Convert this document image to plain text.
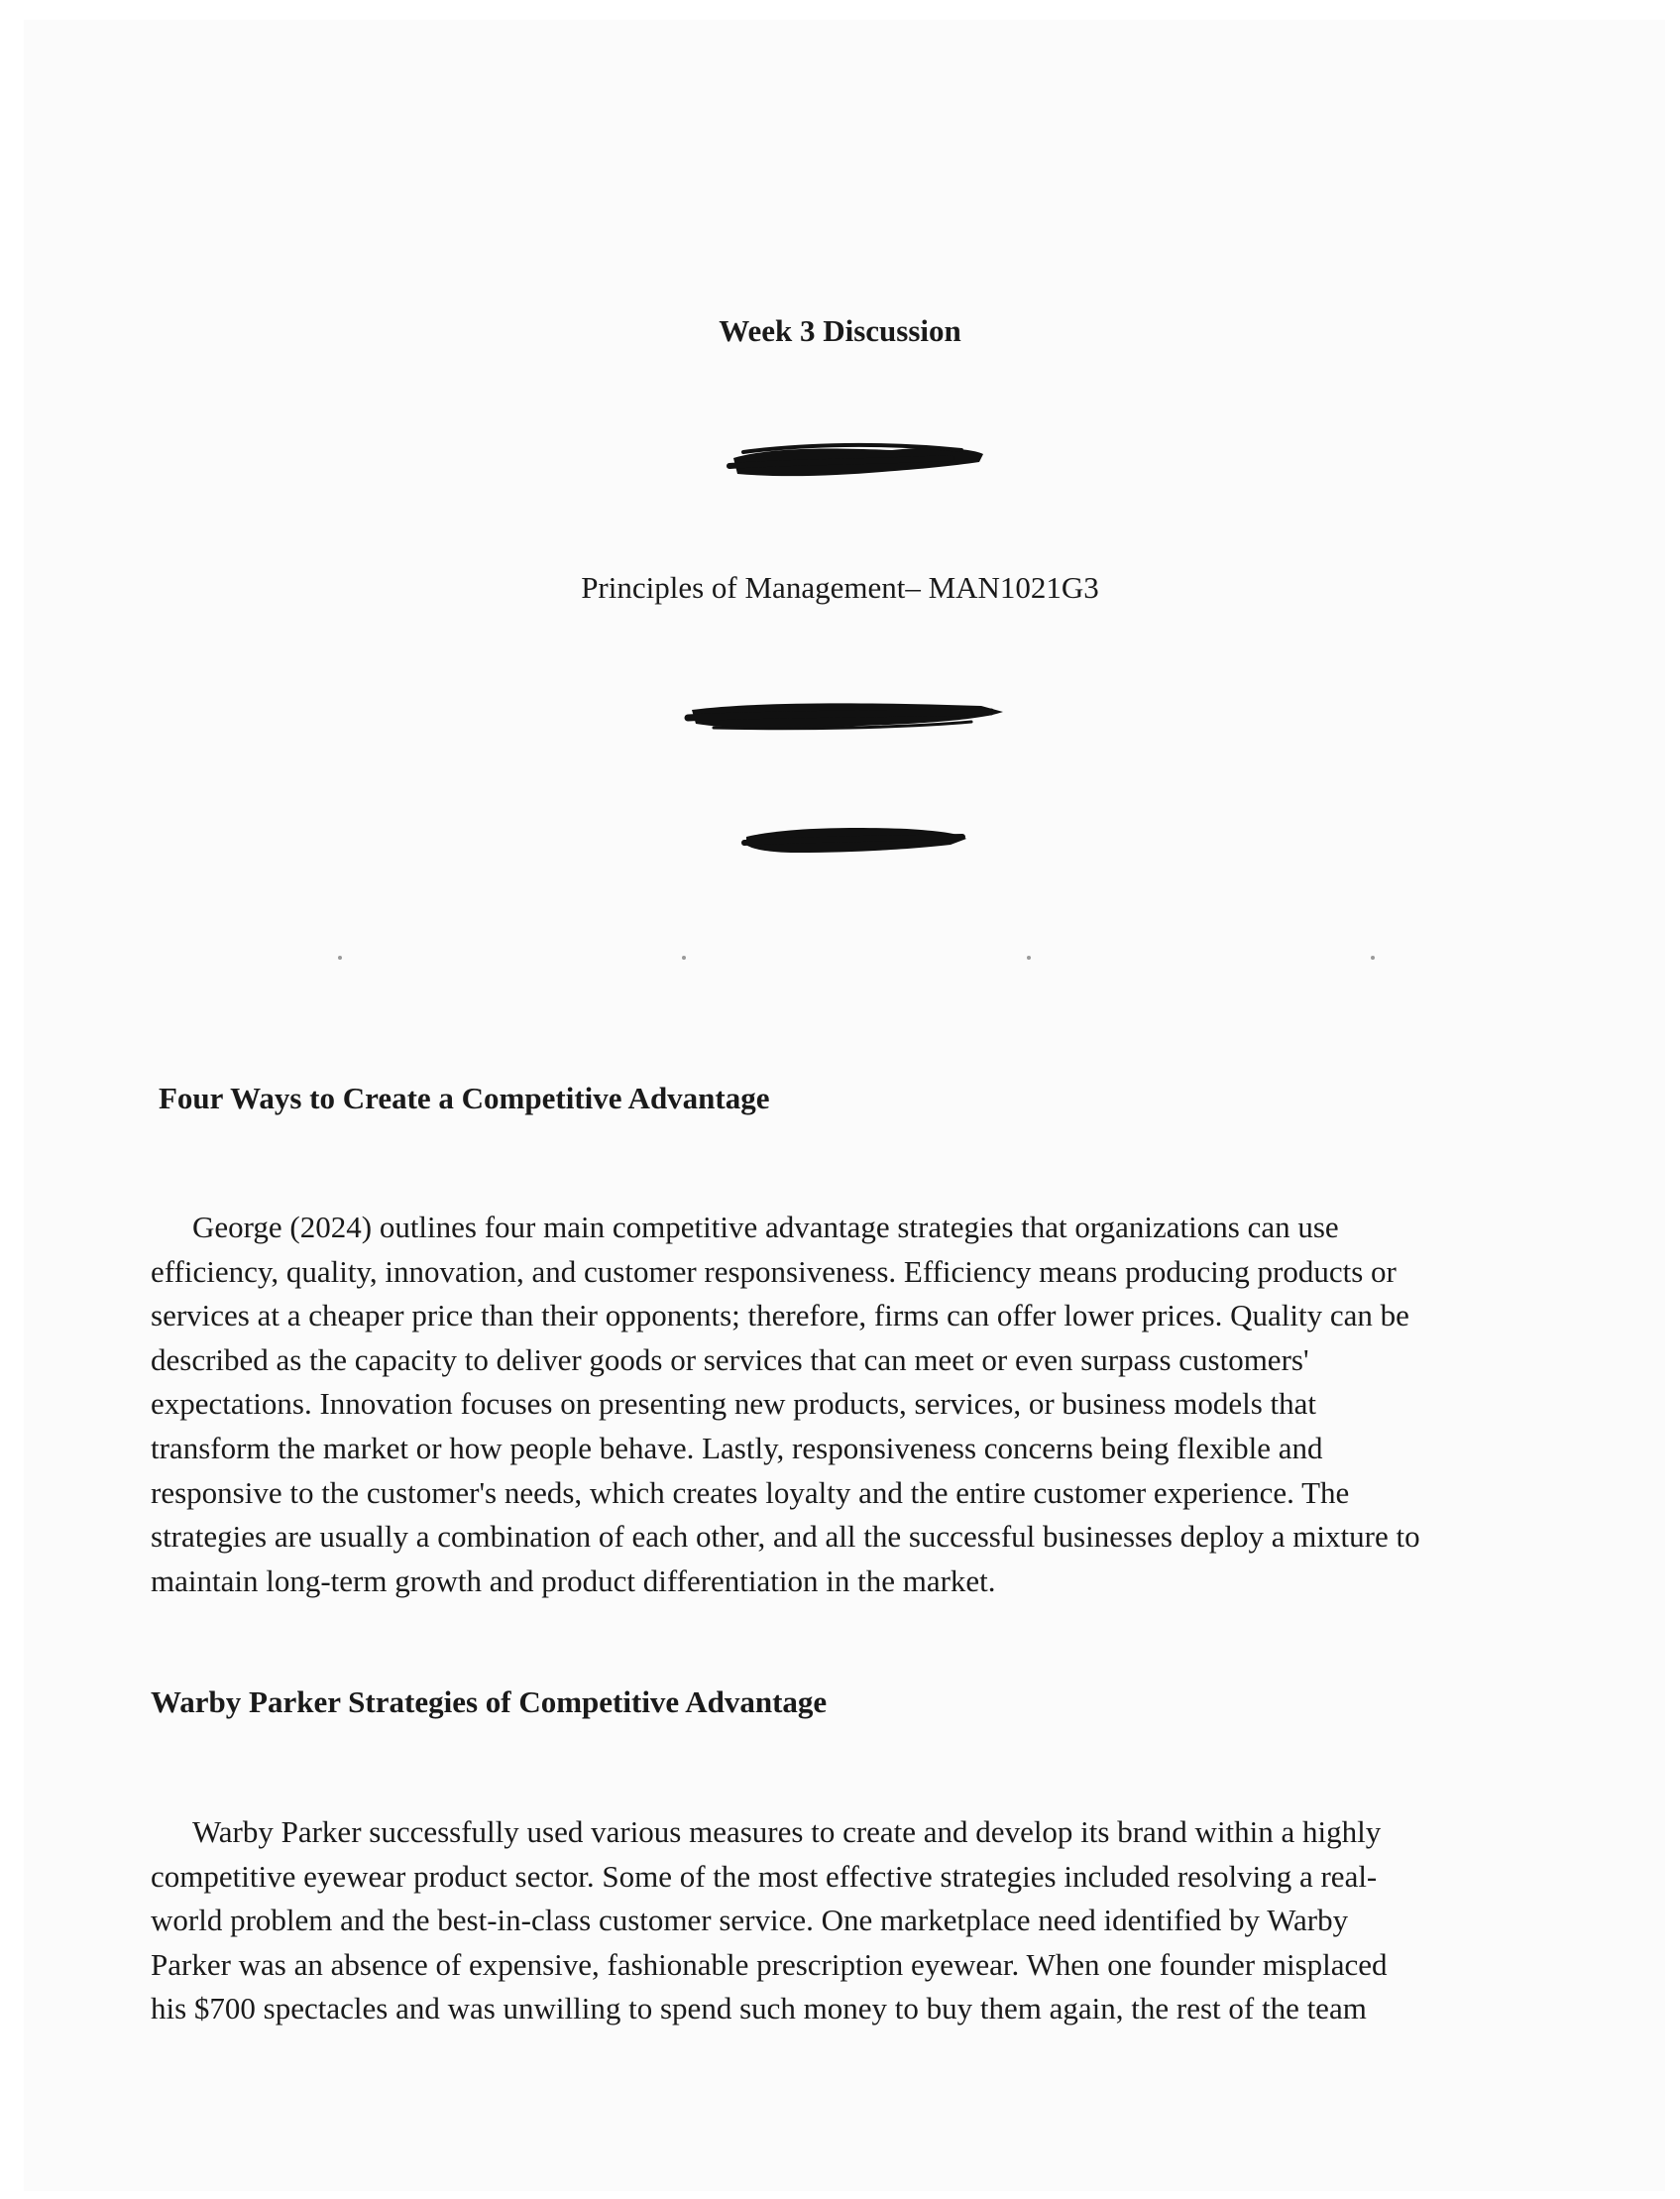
Week 3 Discussion
Principles of Management– MAN1021G3
Four Ways to Create a Competitive Advantage
George (2024) outlines four main competitive advantage strategies that organizations can use
efficiency, quality, innovation, and customer responsiveness. Efficiency means producing products or
services at a cheaper price than their opponents; therefore, firms can offer lower prices. Quality can be
described as the capacity to deliver goods or services that can meet or even surpass customers'
expectations. Innovation focuses on presenting new products, services, or business models that
transform the market or how people behave. Lastly, responsiveness concerns being flexible and
responsive to the customer's needs, which creates loyalty and the entire customer experience. The
strategies are usually a combination of each other, and all the successful businesses deploy a mixture to
maintain long-term growth and product differentiation in the market.
Warby Parker Strategies of Competitive Advantage
Warby Parker successfully used various measures to create and develop its brand within a highly
competitive eyewear product sector. Some of the most effective strategies included resolving a real-
world problem and the best-in-class customer service. One marketplace need identified by Warby
Parker was an absence of expensive, fashionable prescription eyewear. When one founder misplaced
his $700 spectacles and was unwilling to spend such money to buy them again, the rest of the team
